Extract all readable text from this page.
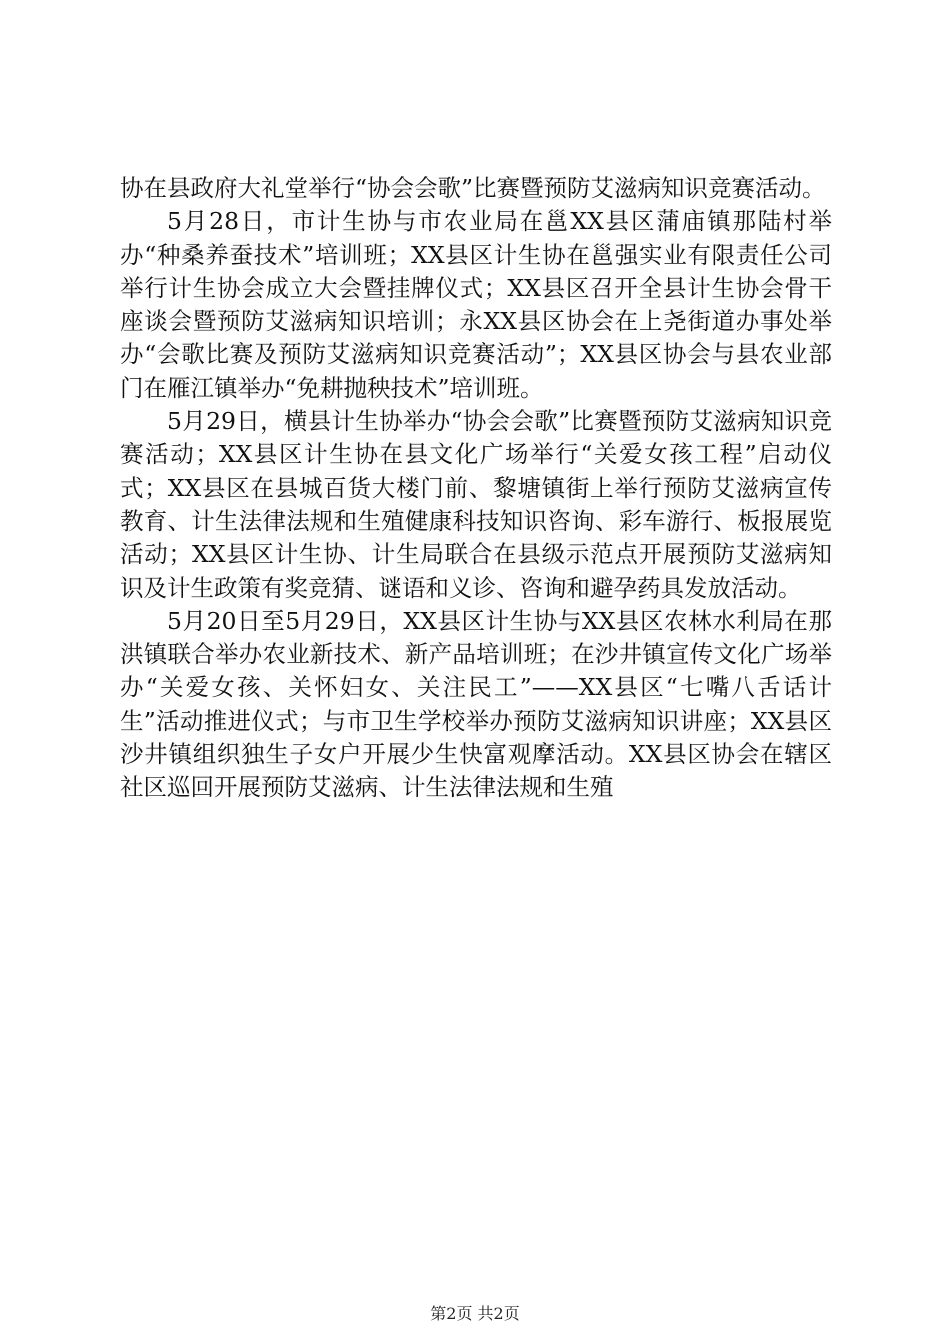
协在县政府大礼堂举行“协会会歌”比赛暨预防艾滋病知识竞赛活动。

5月28日，市计生协与市农业局在邕XX县区蒲庙镇那陆村举办“种桑养蚕技术”培训班；XX县区计生协在邕强实业有限责任公司举行计生协会成立大会暨挂牌仪式；XX县区召开全县计生协会骨干座谈会暨预防艾滋病知识培训；永XX县区协会在上尧街道办事处举办“会歌比赛及预防艾滋病知识竞赛活动”；XX县区协会与县农业部门在雁江镇举办“免耕抛秧技术”培训班。

5月29日，横县计生协举办“协会会歌”比赛暨预防艾滋病知识竞赛活动；XX县区计生协在县文化广场举行“关爱女孩工程”启动仪式；XX县区在县城百货大楼门前、黎塘镇街上举行预防艾滋病宣传教育、计生法律法规和生殖健康科技知识咨询、彩车游行、板报展览活动；XX县区计生协、计生局联合在县级示范点开展预防艾滋病知识及计生政策有奖竞猜、谜语和义诊、咨询和避孕药具发放活动。

5月20日至5月29日，XX县区计生协与XX县区农林水利局在那洪镇联合举办农业新技术、新产品培训班；在沙井镇宣传文化广场举办“关爱女孩、关怀妇女、关注民工”——XX县区“七嘴八舌话计生”活动推进仪式；与市卫生学校举办预防艾滋病知识讲座；XX县区沙井镇组织独生子女户开展少生快富观摩活动。XX县区协会在辖区社区巡回开展预防艾滋病、计生法律法规和生殖

第2页 共2页
